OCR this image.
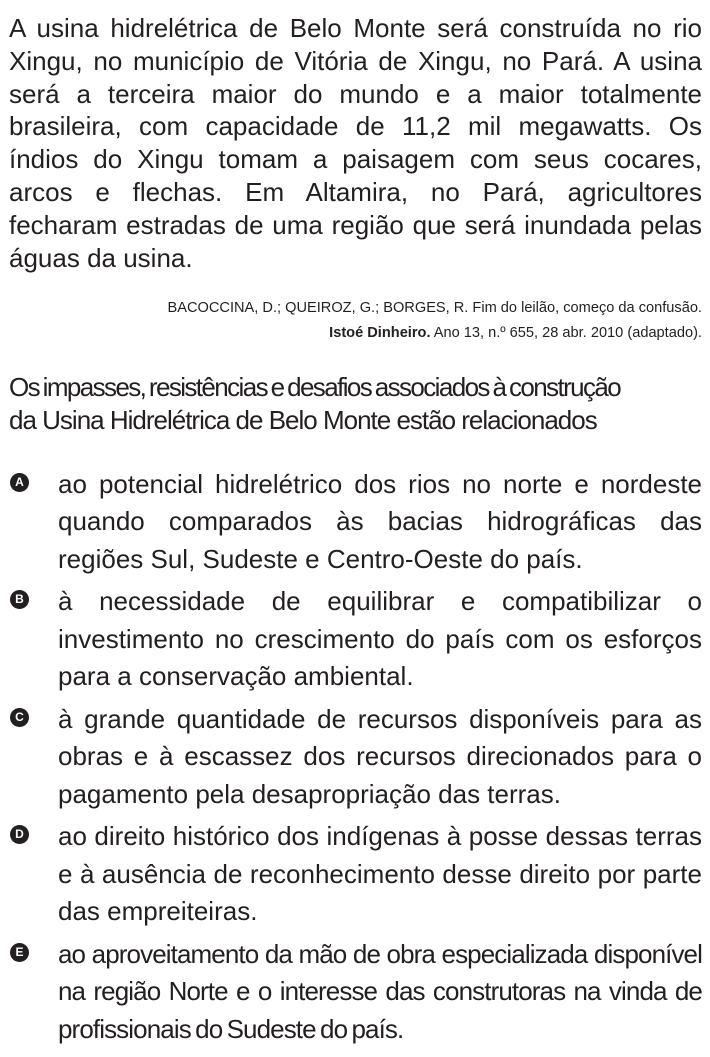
A usina hidrelétrica de Belo Monte será construída no rio Xingu, no município de Vitória de Xingu, no Pará. A usina será a terceira maior do mundo e a maior totalmente brasileira, com capacidade de 11,2 mil megawatts. Os índios do Xingu tomam a paisagem com seus cocares, arcos e flechas. Em Altamira, no Pará, agricultores fecharam estradas de uma região que será inundada pelas águas da usina.

BACOCCINA, D.; QUEIROZ, G.; BORGES, R. Fim do leilão, começo da confusão.
Istoé Dinheiro. Ano 13, n.º 655, 28 abr. 2010 (adaptado).
Os impasses, resistências e desafios associados à construção
da Usina Hidrelétrica de Belo Monte estão relacionados
A ao potencial hidrelétrico dos rios no norte e nordeste quando comparados às bacias hidrográficas das regiões Sul, Sudeste e Centro-Oeste do país.
B à necessidade de equilibrar e compatibilizar o investimento no crescimento do país com os esforços para a conservação ambiental.
C à grande quantidade de recursos disponíveis para as obras e à escassez dos recursos direcionados para o pagamento pela desapropriação das terras.
D ao direito histórico dos indígenas à posse dessas terras e à ausência de reconhecimento desse direito por parte das empreiteiras.
E ao aproveitamento da mão de obra especializada disponível na região Norte e o interesse das construtoras na vinda de profissionais do Sudeste do país.
